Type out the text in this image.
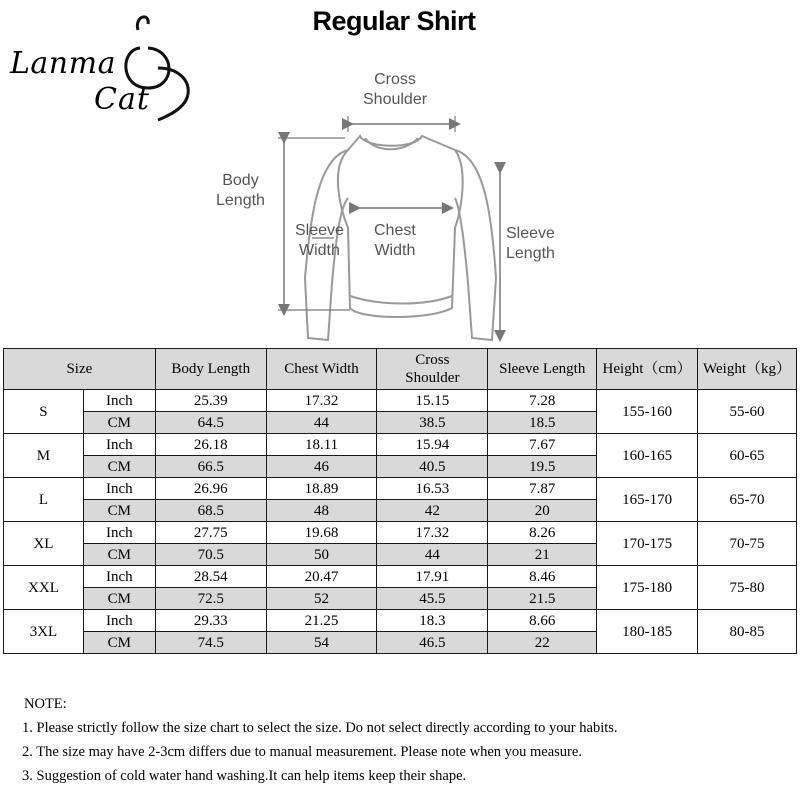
Regular Shirt
Lanma
Cat
Cross
Shoulder
Body
Length
Sleeve
Width
Chest
Width
Sleeve
Length
Size		Body Length	Chest Width	Cross
Shoulder	Sleeve Length	Height（cm）	Weight（kg）
S	Inch	25.39	17.32	15.15	7.28	155-160	55-60
	CM	64.5	44	38.5	18.5		
M	Inch	26.18	18.11	15.94	7.67	160-165	60-65
	CM	66.5	46	40.5	19.5		
L	Inch	26.96	18.89	16.53	7.87	165-170	65-70
	CM	68.5	48	42	20		
XL	Inch	27.75	19.68	17.32	8.26	170-175	70-75
	CM	70.5	50	44	21		
XXL	Inch	28.54	20.47	17.91	8.46	175-180	75-80
	CM	72.5	52	45.5	21.5		
3XL	Inch	29.33	21.25	18.3	8.66	180-185	80-85
	CM	74.5	54	46.5	22		
NOTE:
1. Please strictly follow the size chart to select the size. Do not select directly according to your habits.
2. The size may have 2-3cm differs due to manual measurement. Please note when you measure.
3. Suggestion of cold water hand washing.It can help items keep their shape.
